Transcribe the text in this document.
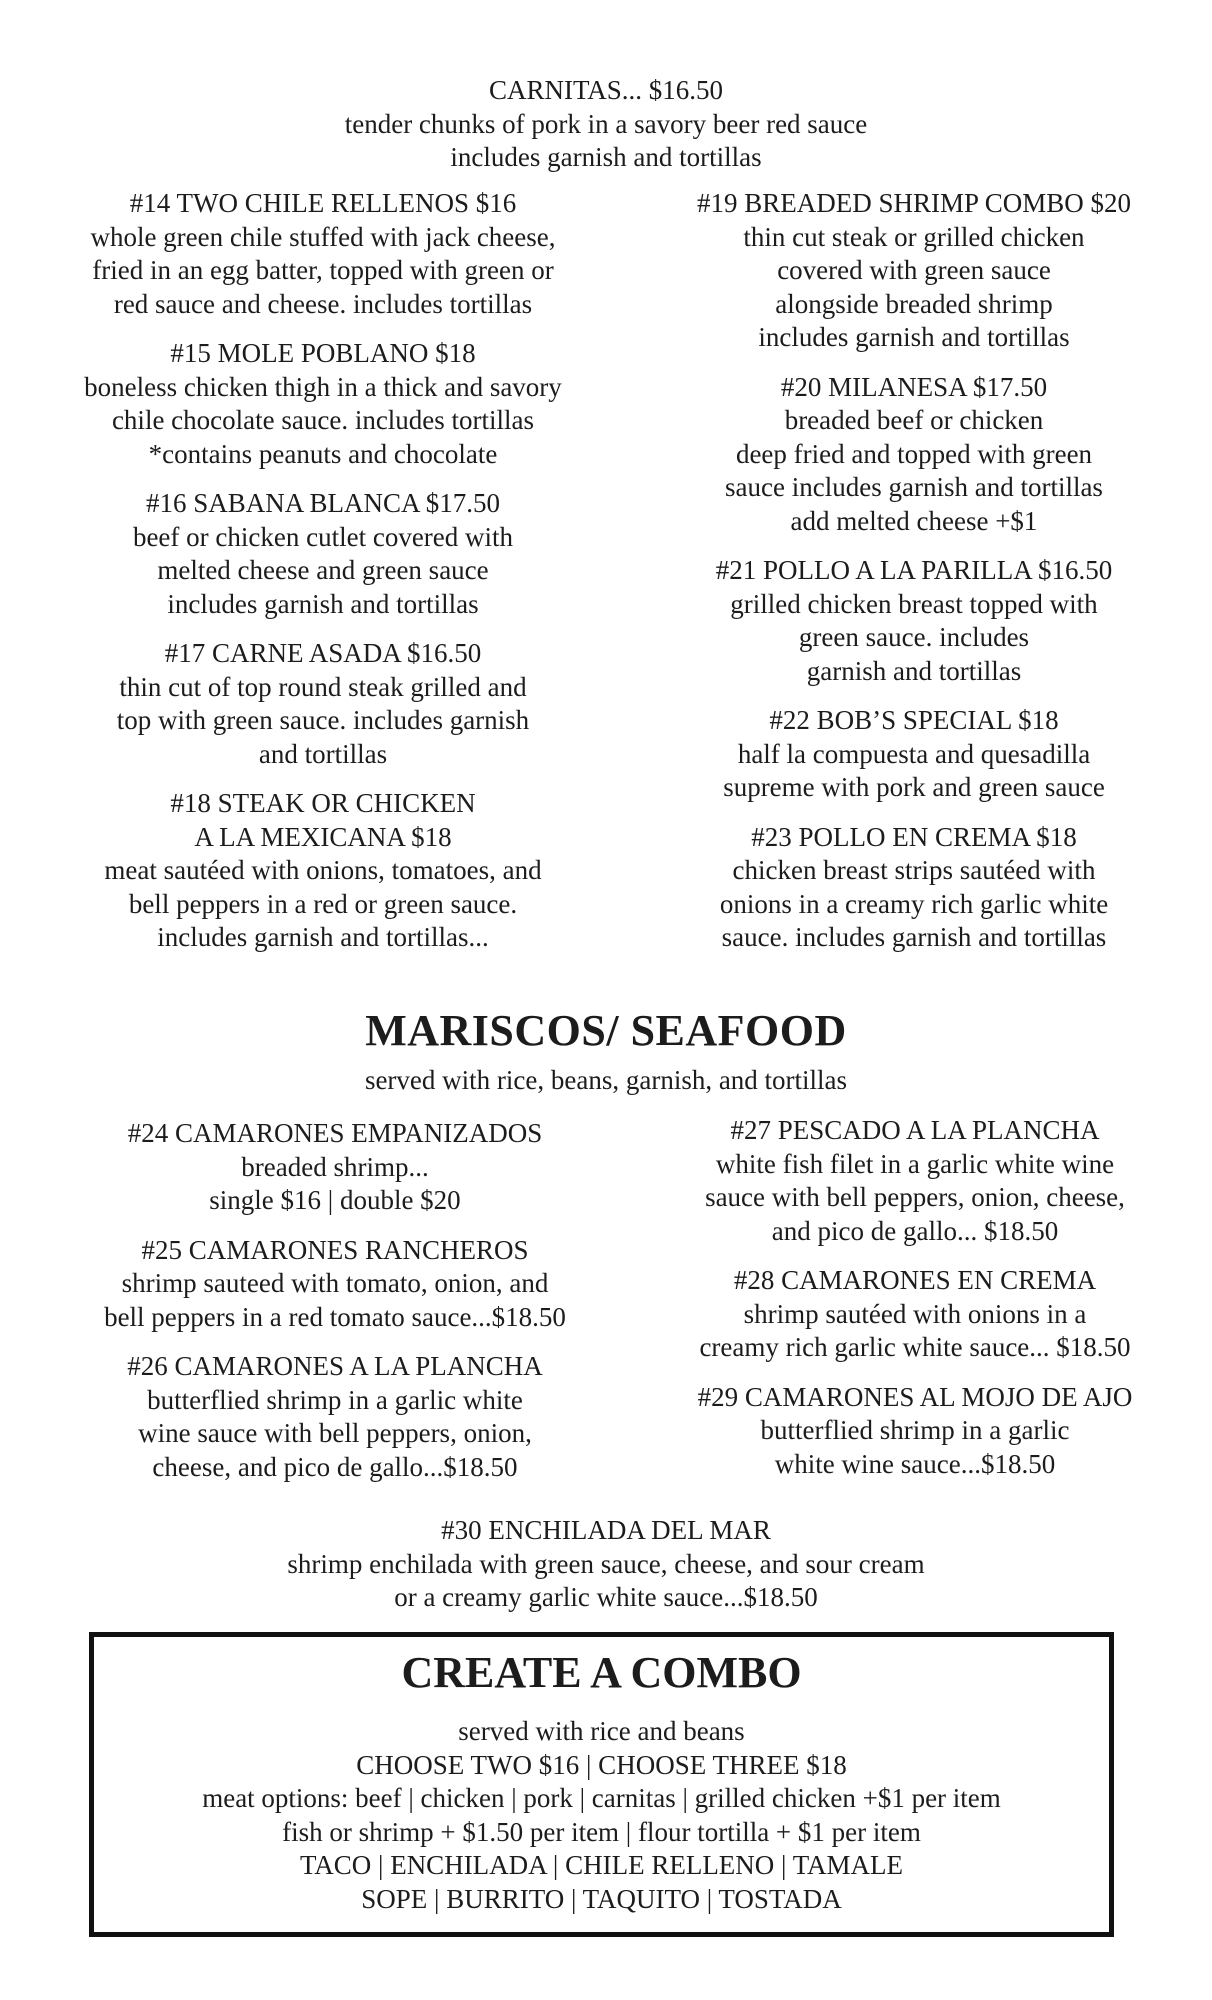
CARNITAS... $16.50
tender chunks of pork in a savory beer red sauce
includes garnish and tortillas
#14 TWO CHILE RELLENOS $16
whole green chile stuffed with jack cheese,
fried in an egg batter, topped with green or
red sauce and cheese. includes tortillas
#15 MOLE POBLANO $18
boneless chicken thigh in a thick and savory
chile chocolate sauce. includes tortillas
*contains peanuts and chocolate
#16 SABANA BLANCA $17.50
beef or chicken cutlet covered with
melted cheese and green sauce
includes garnish and tortillas
#17 CARNE ASADA $16.50
thin cut of top round steak grilled and
top with green sauce. includes garnish
and tortillas
#18 STEAK OR CHICKEN
A LA MEXICANA $18
meat sautéed with onions, tomatoes, and
bell peppers in a red or green sauce.
includes garnish and tortillas...
#19 BREADED SHRIMP COMBO $20
thin cut steak or grilled chicken
covered with green sauce
alongside breaded shrimp
includes garnish and tortillas
#20 MILANESA $17.50
breaded beef or chicken
deep fried and topped with green
sauce includes garnish and tortillas
add melted cheese +$1
#21 POLLO A LA PARILLA $16.50
grilled chicken breast topped with
green sauce. includes
garnish and tortillas
#22 BOB’S SPECIAL $18
half la compuesta and quesadilla
supreme with pork and green sauce
#23 POLLO EN CREMA $18
chicken breast strips sautéed with
onions in a creamy rich garlic white
sauce. includes garnish and tortillas
MARISCOS/ SEAFOOD
served with rice, beans, garnish, and tortillas
#24 CAMARONES EMPANIZADOS
breaded shrimp...
single $16 | double $20
#25 CAMARONES RANCHEROS
shrimp sauteed with tomato, onion, and
bell peppers in a red tomato sauce...$18.50
#26 CAMARONES A LA PLANCHA
butterflied shrimp in a garlic white
wine sauce with bell peppers, onion,
cheese, and pico de gallo...$18.50
#27 PESCADO A LA PLANCHA
white fish filet in a garlic white wine
sauce with bell peppers, onion, cheese,
and pico de gallo... $18.50
#28 CAMARONES EN CREMA
shrimp sautéed with onions in a
creamy rich garlic white sauce... $18.50
#29 CAMARONES AL MOJO DE AJO
butterflied shrimp in a garlic
white wine sauce...$18.50
#30 ENCHILADA DEL MAR
shrimp enchilada with green sauce, cheese, and sour cream
or a creamy garlic white sauce...$18.50
CREATE A COMBO
served with rice and beans
CHOOSE TWO $16 | CHOOSE THREE $18
meat options: beef | chicken | pork | carnitas | grilled chicken +$1 per item
fish or shrimp + $1.50 per item | flour tortilla + $1 per item
TACO | ENCHILADA | CHILE RELLENO | TAMALE
SOPE | BURRITO | TAQUITO | TOSTADA
